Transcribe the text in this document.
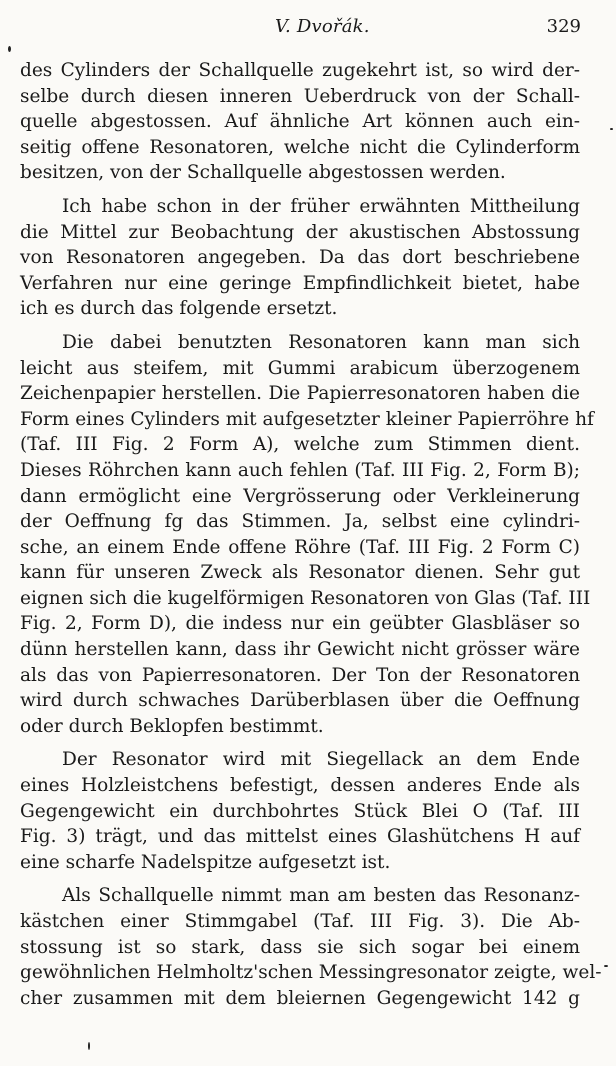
V. Dvořák.	329
des Cylinders der Schallquelle zugekehrt ist, so wird der-
selbe durch diesen inneren Ueberdruck von der Schall-
quelle abgestossen. Auf ähnliche Art können auch ein-
seitig offene Resonatoren, welche nicht die Cylinderform
besitzen, von der Schallquelle abgestossen werden.
Ich habe schon in der früher erwähnten Mittheilung
die Mittel zur Beobachtung der akustischen Abstossung
von Resonatoren angegeben. Da das dort beschriebene
Verfahren nur eine geringe Empfindlichkeit bietet, habe
ich es durch das folgende ersetzt.
Die dabei benutzten Resonatoren kann man sich
leicht aus steifem, mit Gummi arabicum überzogenem
Zeichenpapier herstellen. Die Papierresonatoren haben die
Form eines Cylinders mit aufgesetzter kleiner Papierröhre hf
(Taf. III Fig. 2 Form A), welche zum Stimmen dient.
Dieses Röhrchen kann auch fehlen (Taf. III Fig. 2, Form B);
dann ermöglicht eine Vergrösserung oder Verkleinerung
der Oeffnung fg das Stimmen. Ja, selbst eine cylindri-
sche, an einem Ende offene Röhre (Taf. III Fig. 2 Form C)
kann für unseren Zweck als Resonator dienen. Sehr gut
eignen sich die kugelförmigen Resonatoren von Glas (Taf. III
Fig. 2, Form D), die indess nur ein geübter Glasbläser so
dünn herstellen kann, dass ihr Gewicht nicht grösser wäre
als das von Papierresonatoren. Der Ton der Resonatoren
wird durch schwaches Darüberblasen über die Oeffnung
oder durch Beklopfen bestimmt.
Der Resonator wird mit Siegellack an dem Ende
eines Holzleistchens befestigt, dessen anderes Ende als
Gegengewicht ein durchbohrtes Stück Blei O (Taf. III
Fig. 3) trägt, und das mittelst eines Glashütchens H auf
eine scharfe Nadelspitze aufgesetzt ist.
Als Schallquelle nimmt man am besten das Resonanz-
kästchen einer Stimmgabel (Taf. III Fig. 3). Die Ab-
stossung ist so stark, dass sie sich sogar bei einem
gewöhnlichen Helmholtz'schen Messingresonator zeigte, wel-
cher zusammen mit dem bleiernen Gegengewicht 142 g
